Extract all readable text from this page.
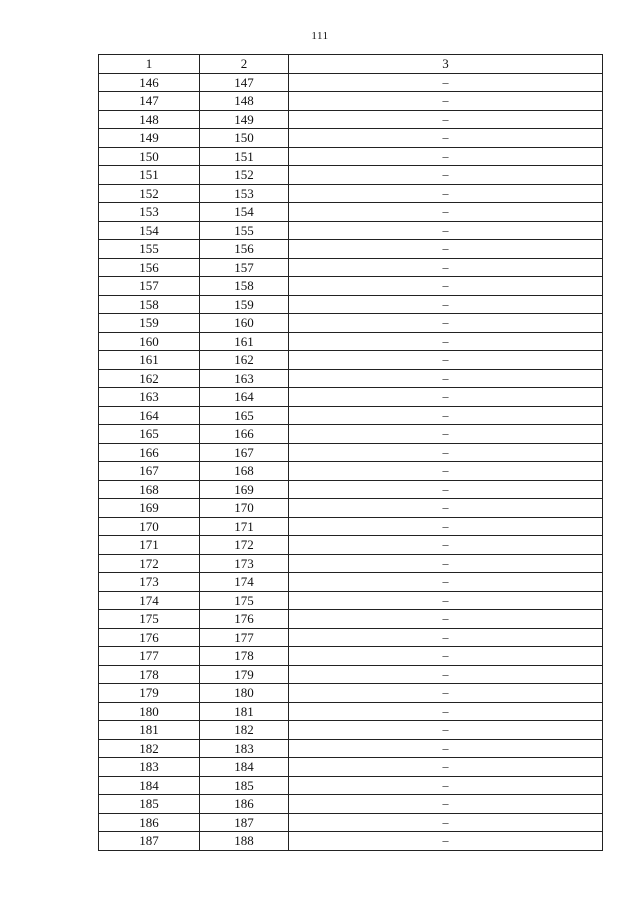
111
1	2	3
146	147	–
147	148	–
148	149	–
149	150	–
150	151	–
151	152	–
152	153	–
153	154	–
154	155	–
155	156	–
156	157	–
157	158	–
158	159	–
159	160	–
160	161	–
161	162	–
162	163	–
163	164	–
164	165	–
165	166	–
166	167	–
167	168	–
168	169	–
169	170	–
170	171	–
171	172	–
172	173	–
173	174	–
174	175	–
175	176	–
176	177	–
177	178	–
178	179	–
179	180	–
180	181	–
181	182	–
182	183	–
183	184	–
184	185	–
185	186	–
186	187	–
187	188	–
